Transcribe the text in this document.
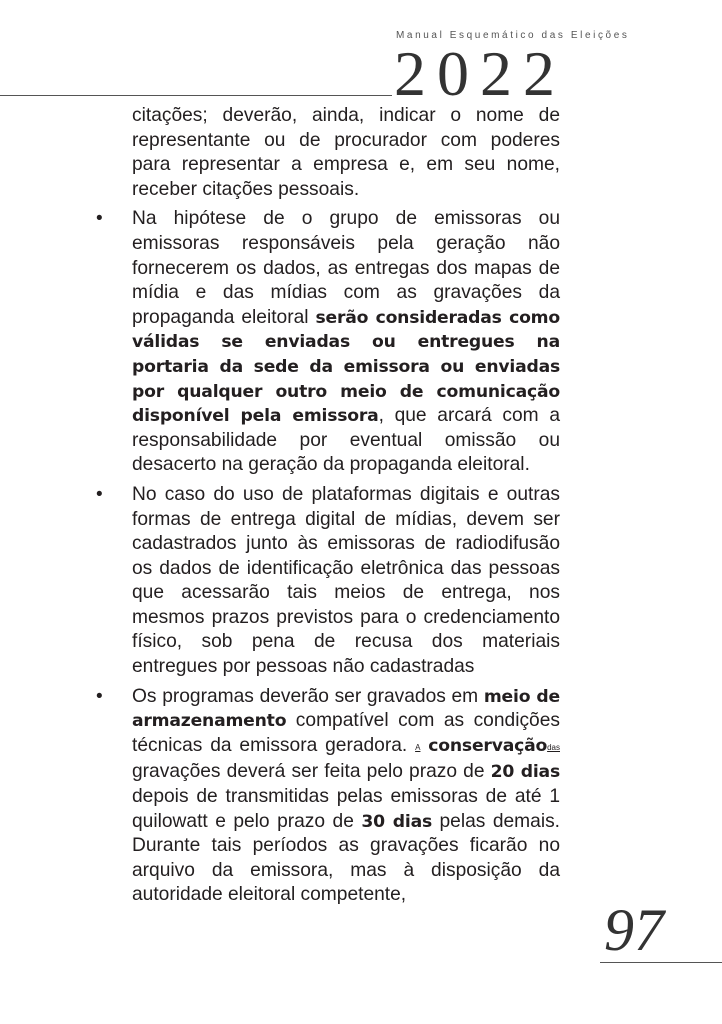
Manual Esquemático das Eleições
2022

citações; deverão, ainda, indicar o nome de representante ou de procurador com poderes para representar a empresa e, em seu nome, receber citações pessoais.

• Na hipótese de o grupo de emissoras ou emissoras responsáveis pela geração não fornecerem os dados, as entregas dos mapas de mídia e das mídias com as gravações da propaganda eleitoral serão consideradas como válidas se enviadas ou entregues na portaria da sede da emissora ou enviadas por qualquer outro meio de comunicação disponível pela emissora, que arcará com a responsabilidade por eventual omissão ou desacerto na geração da propaganda eleitoral.

• No caso do uso de plataformas digitais e outras formas de entrega digital de mídias, devem ser cadastrados junto às emissoras de radiodifusão os dados de identificação eletrônica das pessoas que acessarão tais meios de entrega, nos mesmos prazos previstos para o credenciamento físico, sob pena de recusa dos materiais entregues por pessoas não cadastradas

• Os programas deverão ser gravados em meio de armazenamento compatível com as condições técnicas da emissora geradora. A conservaçãodas gravações deverá ser feita pelo prazo de 20 dias depois de transmitidas pelas emissoras de até 1 quilowatt e pelo prazo de 30 dias pelas demais. Durante tais períodos as gravações ficarão no arquivo da emissora, mas à disposição da autoridade eleitoral competente,

97
